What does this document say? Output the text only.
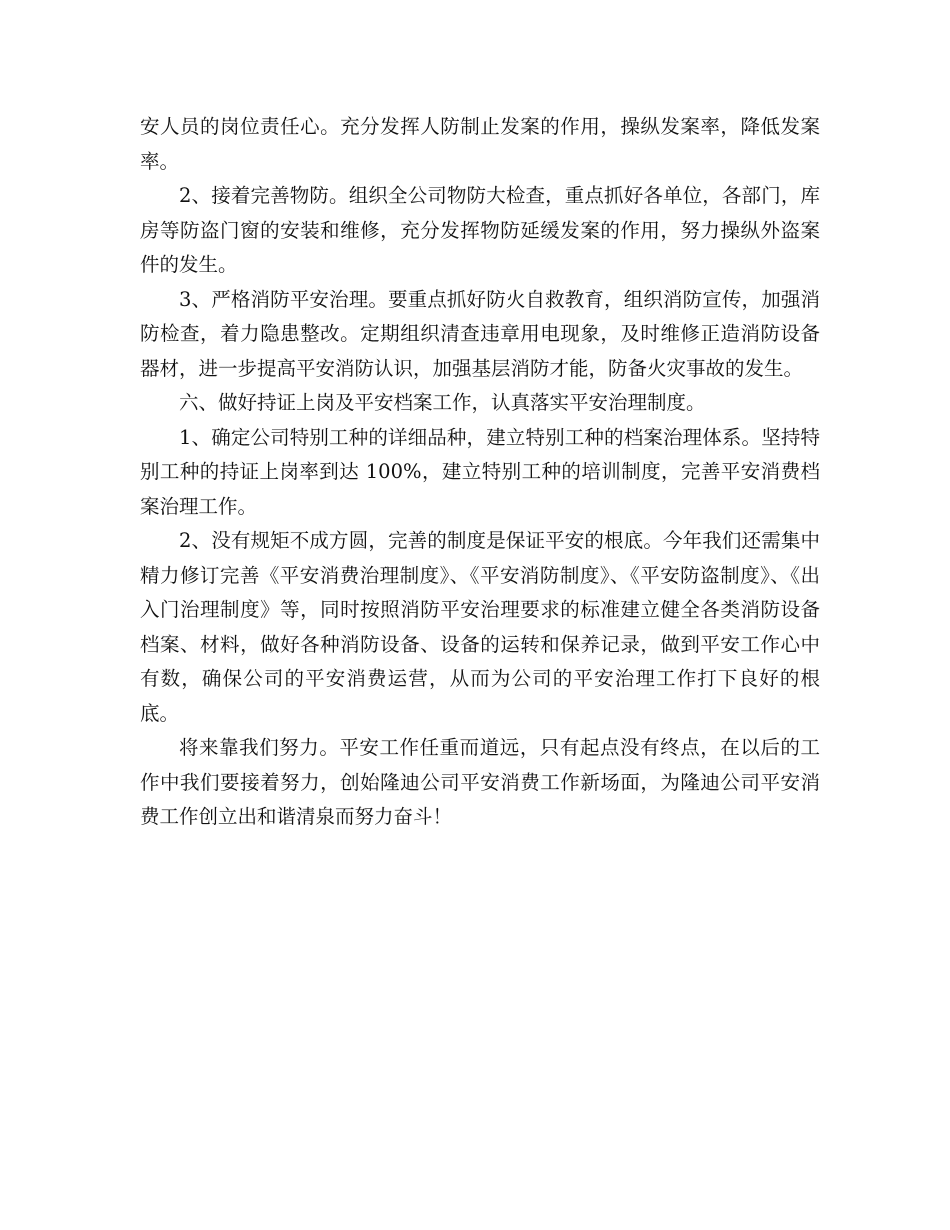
安人员的岗位责任心。充分发挥人防制止发案的作用，操纵发案率，降低发案率。

2、接着完善物防。组织全公司物防大检查，重点抓好各单位，各部门，库房等防盗门窗的安装和维修，充分发挥物防延缓发案的作用，努力操纵外盗案件的发生。

3、严格消防平安治理。要重点抓好防火自救教育，组织消防宣传，加强消防检查，着力隐患整改。定期组织清查违章用电现象，及时维修正造消防设备器材，进一步提高平安消防认识，加强基层消防才能，防备火灾事故的发生。

六、做好持证上岗及平安档案工作，认真落实平安治理制度。

1、确定公司特别工种的详细品种，建立特别工种的档案治理体系。坚持特别工种的持证上岗率到达 100%，建立特别工种的培训制度，完善平安消费档案治理工作。

2、没有规矩不成方圆，完善的制度是保证平安的根底。今年我们还需集中精力修订完善《平安消费治理制度》、《平安消防制度》、《平安防盗制度》、《出入门治理制度》等，同时按照消防平安治理要求的标准建立健全各类消防设备档案、材料，做好各种消防设备、设备的运转和保养记录，做到平安工作心中有数，确保公司的平安消费运营，从而为公司的平安治理工作打下良好的根底。

将来靠我们努力。平安工作任重而道远，只有起点没有终点，在以后的工作中我们要接着努力，创始隆迪公司平安消费工作新场面，为隆迪公司平安消费工作创立出和谐清泉而努力奋斗！
